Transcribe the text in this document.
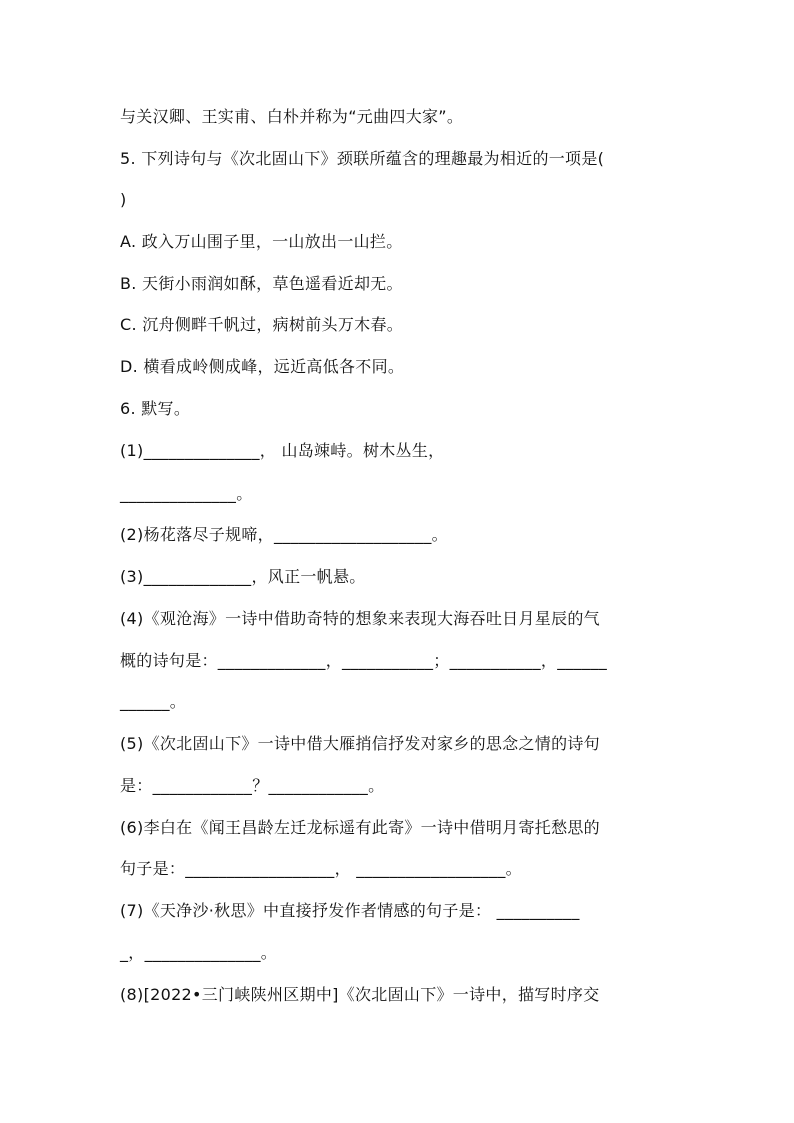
与关汉卿、王实甫、白朴并称为“元曲四大家”。
5. 下列诗句与《次北固山下》颈联所蕴含的理趣最为相近的一项是(
)
A. 政入万山围子里，一山放出一山拦。
B. 天街小雨润如酥，草色遥看近却无。
C. 沉舟侧畔千帆过，病树前头万木春。
D. 横看成岭侧成峰，远近高低各不同。
6. 默写。
(1)______________， 山岛竦峙。树木丛生，
______________。
(2)杨花落尽子规啼，___________________。
(3)_____________，风正一帆悬。
(4)《观沧海》一诗中借助奇特的想象来表现大海吞吐日月星辰的气
概的诗句是：_____________，___________；___________，______
______。
(5)《次北固山下》一诗中借大雁捎信抒发对家乡的思念之情的诗句
是：____________？____________。
(6)李白在《闻王昌龄左迁龙标遥有此寄》一诗中借明月寄托愁思的
句子是：__________________， __________________。
(7)《天净沙·秋思》中直接抒发作者情感的句子是： __________
_，______________。
(8)[2022•三门峡陕州区期中]《次北固山下》一诗中，描写时序交
